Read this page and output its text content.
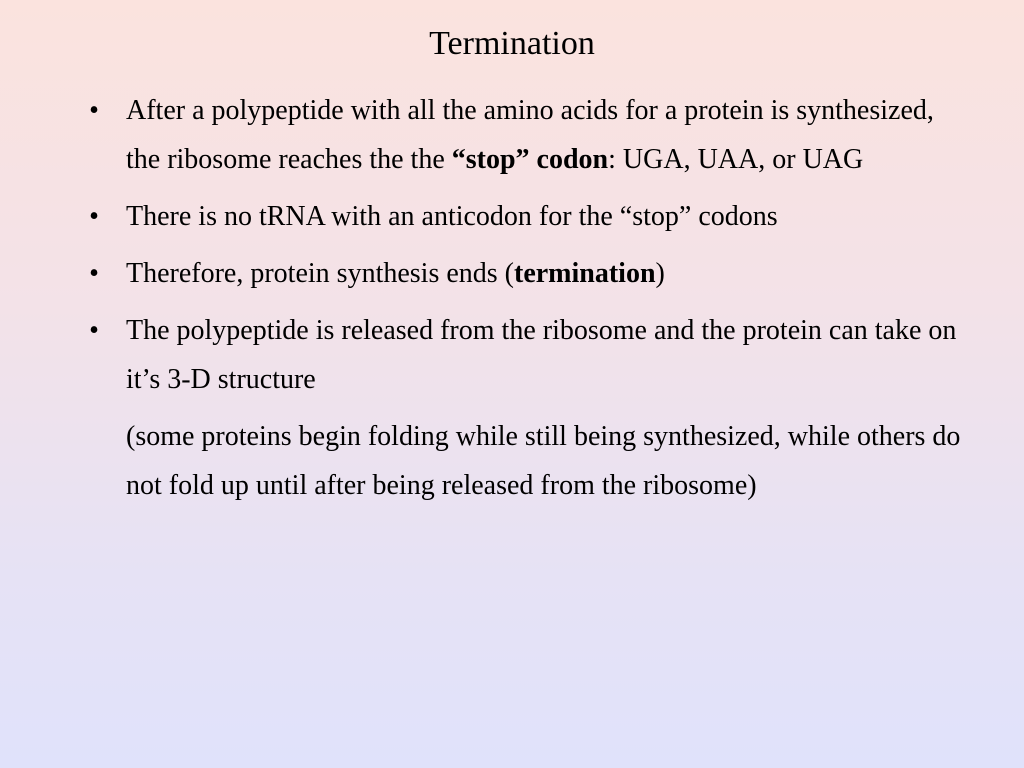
Termination
• After a polypeptide with all the amino acids for a protein is synthesized, the ribosome reaches the the “stop” codon: UGA, UAA, or UAG
• There is no tRNA with an anticodon for the “stop” codons
• Therefore, protein synthesis ends (termination)
• The polypeptide is released from the ribosome and the protein can take on it’s 3-D structure
(some proteins begin folding while still being synthesized, while others do not fold up until after being released from the ribosome)
